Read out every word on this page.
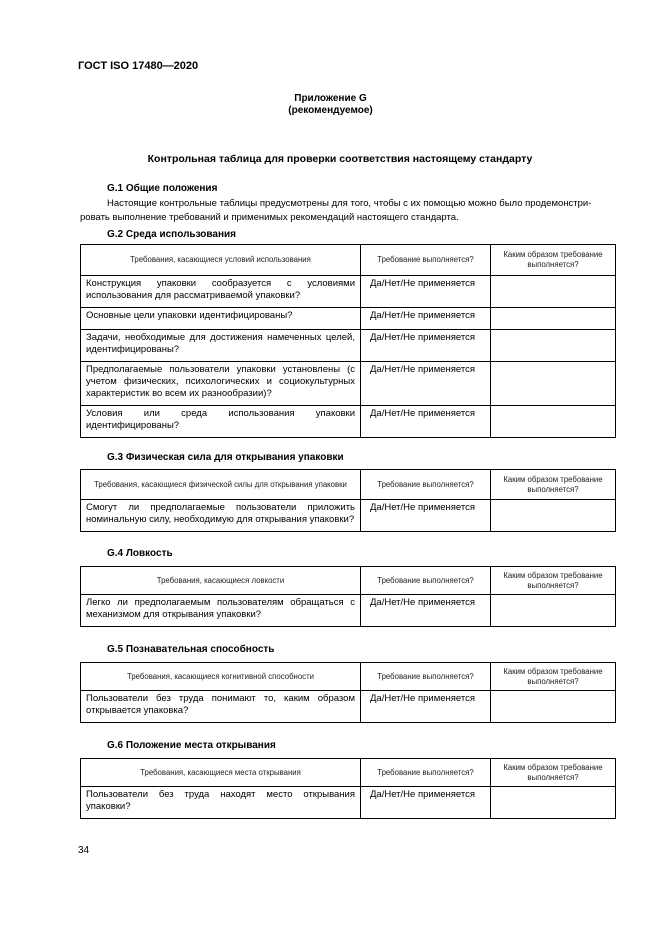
ГОСТ ISO 17480—2020
Приложение G
(рекомендуемое)
Контрольная таблица для проверки соответствия настоящему стандарту
G.1 Общие положения
Настоящие контрольные таблицы предусмотрены для того, чтобы с их помощью можно было продемонстри-
ровать выполнение требований и применимых рекомендаций настоящего стандарта.
G.2 Среда использования
Требования, касающиеся условий использования	Требование выполняется?	Каким образом требование выполняется?
Конструкция упаковки сообразуется с условиями использования для рассматриваемой упаковки?	Да/Нет/Не применяется	
Основные цели упаковки идентифицированы?	Да/Нет/Не применяется	
Задачи, необходимые для достижения намеченных целей, идентифицированы?	Да/Нет/Не применяется	
Предполагаемые пользователи упаковки установлены (с учетом физических, психологических и социокультурных характеристик во всем их разнообразии)?	Да/Нет/Не применяется	
Условия или среда использования упаковки идентифицированы?	Да/Нет/Не применяется	
G.3 Физическая сила для открывания упаковки
Требования, касающиеся физической силы для открывания упаковки	Требование выполняется?	Каким образом требование выполняется?
Смогут ли предполагаемые пользователи приложить номинальную силу, необходимую для открывания упаковки?	Да/Нет/Не применяется	
G.4 Ловкость
Требования, касающиеся ловкости	Требование выполняется?	Каким образом требование выполняется?
Легко ли предполагаемым пользователям обращаться с механизмом для открывания упаковки?	Да/Нет/Не применяется	
G.5 Познавательная способность
Требования, касающиеся когнитивной способности	Требование выполняется?	Каким образом требование выполняется?
Пользователи без труда понимают то, каким образом открывается упаковка?	Да/Нет/Не применяется	
G.6 Положение места открывания
Требования, касающиеся места открывания	Требование выполняется?	Каким образом требование выполняется?
Пользователи без труда находят место открывания упаковки?	Да/Нет/Не применяется	
34
